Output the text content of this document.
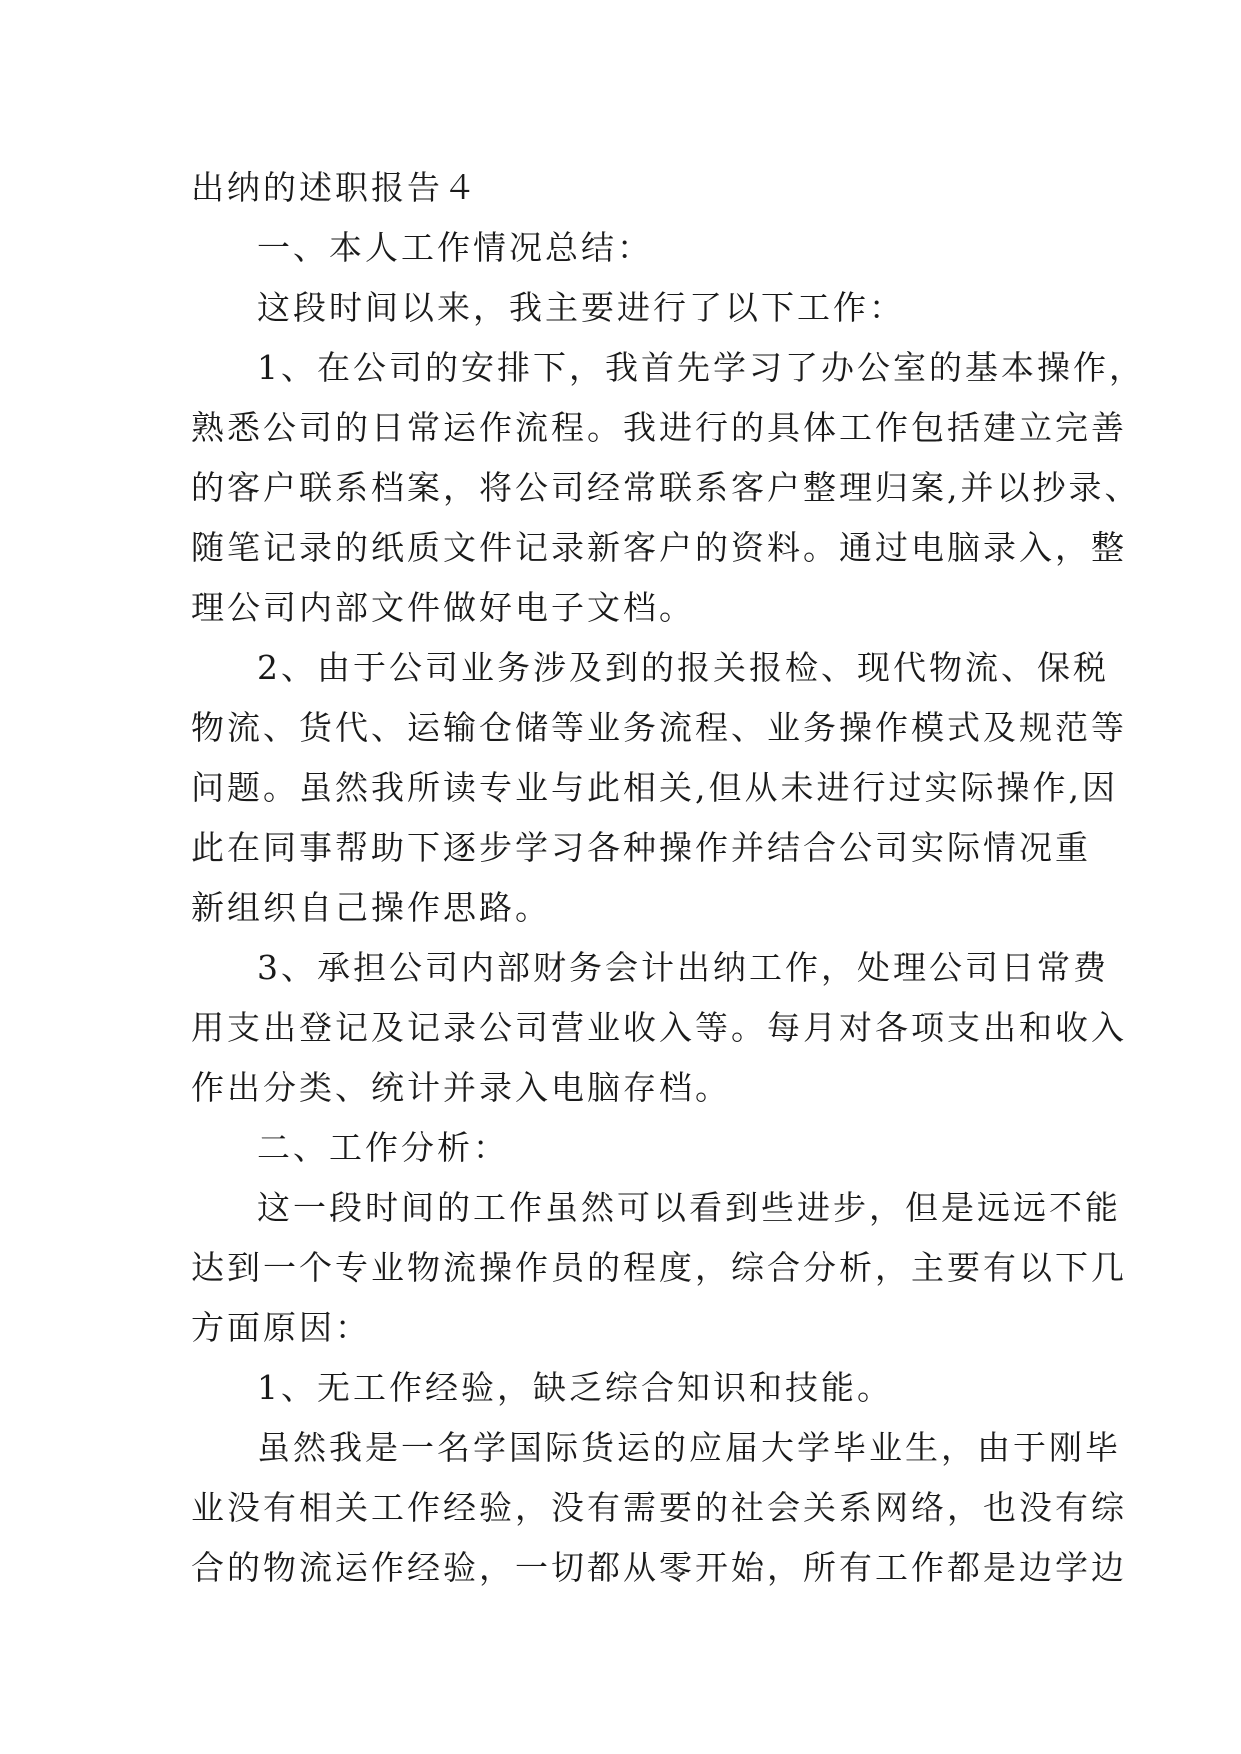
出纳的述职报告４
一、本人工作情况总结：
这段时间以来，我主要进行了以下工作：
1、在公司的安排下，我首先学习了办公室的基本操作，
熟悉公司的日常运作流程。我进行的具体工作包括建立完善
的客户联系档案，将公司经常联系客户整理归案,并以抄录、
随笔记录的纸质文件记录新客户的资料。通过电脑录入，整
理公司内部文件做好电子文档。
2、由于公司业务涉及到的报关报检、现代物流、保税
物流、货代、运输仓储等业务流程、业务操作模式及规范等
问题。虽然我所读专业与此相关,但从未进行过实际操作,因
此在同事帮助下逐步学习各种操作并结合公司实际情况重
新组织自己操作思路。
3、承担公司内部财务会计出纳工作，处理公司日常费
用支出登记及记录公司营业收入等。每月对各项支出和收入
作出分类、统计并录入电脑存档。
二、工作分析：
这一段时间的工作虽然可以看到些进步，但是远远不能
达到一个专业物流操作员的程度，综合分析，主要有以下几
方面原因：
1、无工作经验，缺乏综合知识和技能。
虽然我是一名学国际货运的应届大学毕业生，由于刚毕
业没有相关工作经验，没有需要的社会关系网络，也没有综
合的物流运作经验，一切都从零开始，所有工作都是边学边
